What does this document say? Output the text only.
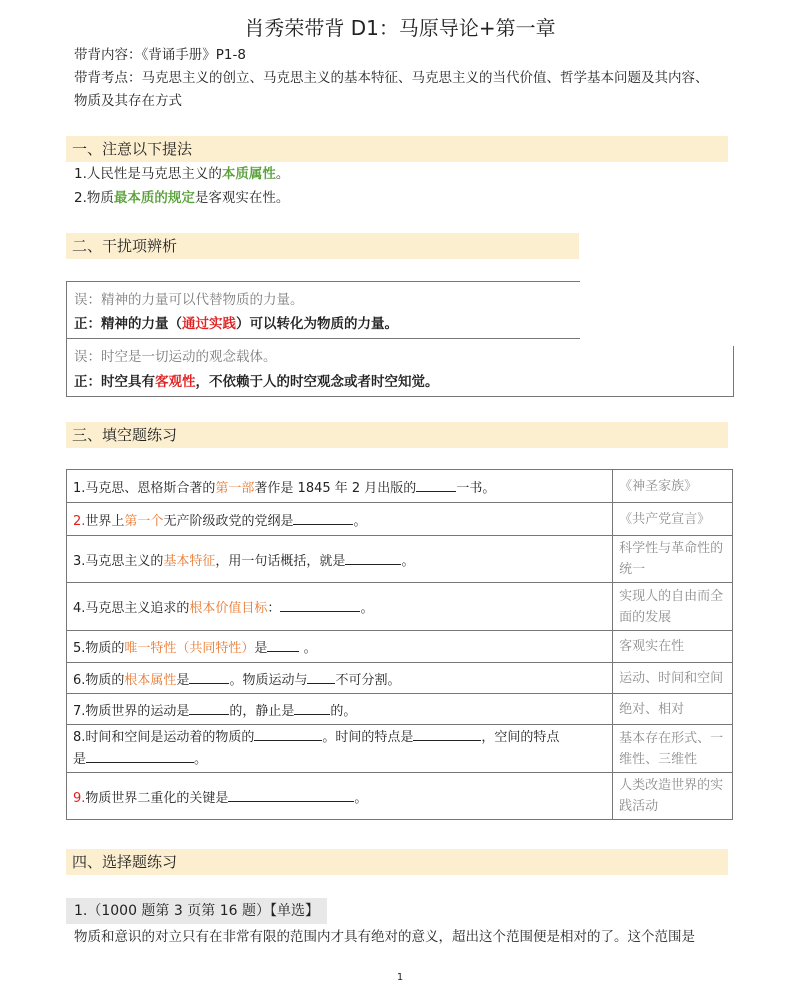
肖秀荣带背 D1：马原导论+第一章
带背内容：《背诵手册》P1-8
带背考点：马克思主义的创立、马克思主义的基本特征、马克思主义的当代价值、哲学基本问题及其内容、
物质及其存在方式
一、注意以下提法
1.人民性是马克思主义的本质属性。
2.物质最本质的规定是客观实在性。
二、干扰项辨析
误：精神的力量可以代替物质的力量。
正：精神的力量（通过实践）可以转化为物质的力量。
误：时空是一切运动的观念载体。
正：时空具有客观性，不依赖于人的时空观念或者时空知觉。
三、填空题练习
1.马克思、恩格斯合著的第一部著作是 1845 年 2 月出版的 一书。	《神圣家族》
2.世界上第一个无产阶级政党的党纲是 。	《共产党宣言》
3.马克思主义的基本特征，用一句话概括，就是 。	科学性与革命性的统一
4.马克思主义追求的根本价值目标： 。	实现人的自由而全面的发展
5.物质的唯一特性（共同特性）是 。	客观实在性
6.物质的根本属性是 。物质运动与 不可分割。	运动、时间和空间
7.物质世界的运动是 的，静止是 的。	绝对、相对
8.时间和空间是运动着的物质的 。时间的特点是 ，空间的特点
是 。	基本存在形式、一维性、三维性
9.物质世界二重化的关键是 。	人类改造世界的实践活动
四、选择题练习
1.（1000 题第 3 页第 16 题）【单选】
物质和意识的对立只有在非常有限的范围内才具有绝对的意义，超出这个范围便是相对的了。这个范围是
1
